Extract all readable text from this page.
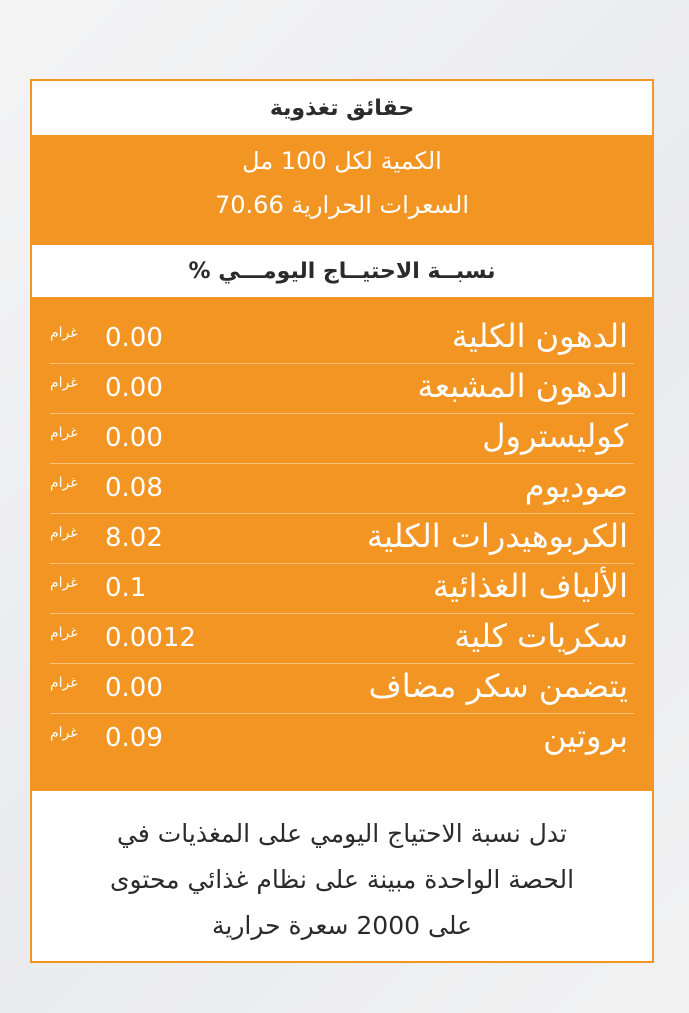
حقائق تغذوية
الكمية لكل 100 مل
السعرات الحرارية 70.66
نسبــة الاحتيــاج اليومـــي %
الدهون الكلية
0.00
غرام
الدهون المشبعة
0.00
غرام
كوليسترول
0.00
غرام
صوديوم
0.08
غرام
الكربوهيدرات الكلية
8.02
غرام
الألياف الغذائية
0.1
غرام
سكريات كلية
0.0012
غرام
يتضمن سكر مضاف
0.00
غرام
بروتين
0.09
غرام
تدل نسبة الاحتياج اليومي على المغذيات في
الحصة الواحدة مبينة على نظام غذائي محتوى
على 2000 سعرة حرارية
